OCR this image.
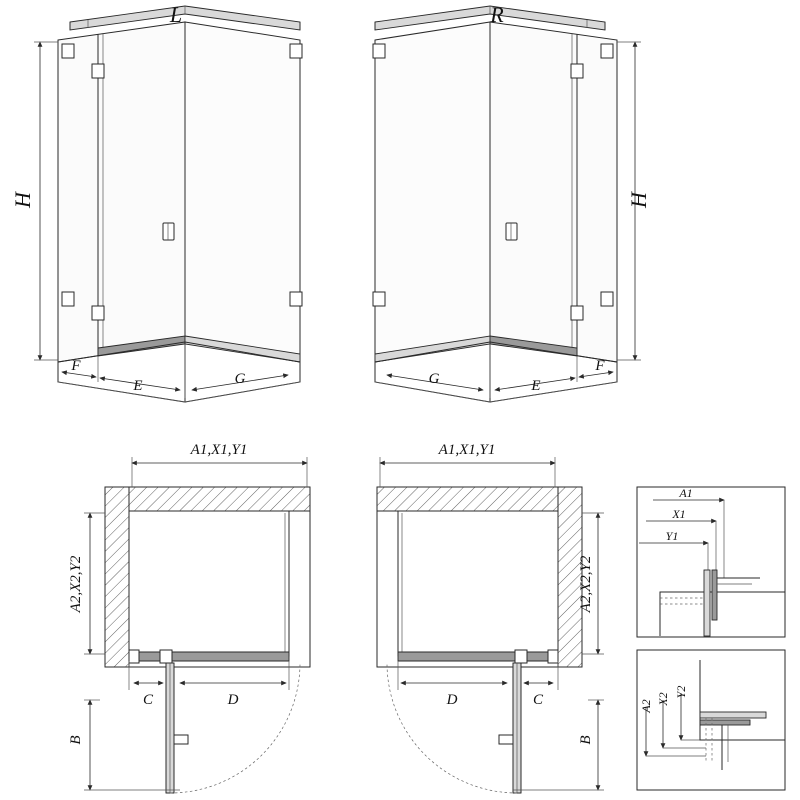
L	R
H	H
F
E	G	G	E
F
A1,X1,Y1	A1,X1,Y1
A2,X2,Y2	A2,X2,Y2
C	D	D	C
B	B
A1
X1
Y1
A2
X2
Y2
